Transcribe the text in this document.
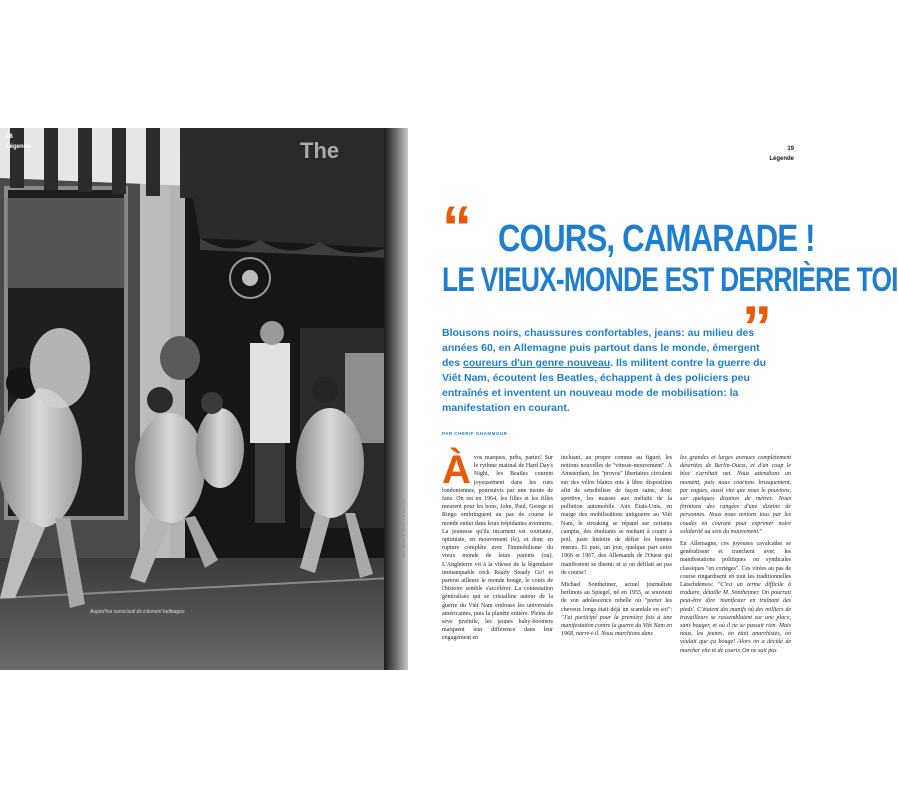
The
18
Légende
Aujard'hui sunscisoil ds iclemenl belfeagus
SEPTEMBER 2015 · LE MONDE
19
Légende
“ COURS, CAMARADE !
LE VIEUX-MONDE EST DERRIÈRE TOI
”
Blousons noirs, chaussures confortables, jeans: au milieu des années 60, en Allemagne puis partout dans le monde, émergent des coureurs d'un genre nouveau. Ils militent contre la guerre du Viêt Nam, écoutent les Beatles, échappent à des policiers peu entraînés et inventent un nouveau mode de mobilisation: la manifestation en courant.
PAR CHERIF GHAMMOUR

Àvos marques, prêts, partez! Sur le rythme matinal de Hard Day's Night, les Beatles courent joyeusement dans les rues londoniennes, poursuivis par une meute de fans. On est en 1964, les filles et les filles meurent pour les bons, John, Paul, George et Ringo embringuent au pas de course le monde entier dans leurs trépidantes aventures. La jeunesse qu'ils incarnent est souriante, optimiste, en mouvement (le), et donc en rupture complète avec l'immobilisme du vieux monde de leurs parents (ou). L'Angleterre vit à la vitesse de la légendaire immanquable rock Ready Steady Go! et partout ailleurs le monde bouge, le cours de l'histoire semble s'accélérer. La contestation généralisée qui se cristalline autour de la guerre du Viêt Nam embrase les universités américaines, puis la planète entière. Pleins de sève juvénile, les jeunes baby-boomers marquent leur différence dans leur engagement en

incluant, au propre comme au figuré, les notions nouvelles de "vitesse-mouvement". À Amsterdam, les "provos" libertaires circulent sur des vélos blancs mis à libre disposition afin de sensibiliser de façon saine, donc sportive, les masses aux méfaits de la pollution automobile. Aux États-Unis, en marge des mobilisations antiguerre au Viêt Nam, le streaking se répand sur certains campus, des étudiants se mettant à courir à poil, juste histoire de défier les bonnes mœurs. Et puis, un jour, quelque part entre 1966 et 1967, des Allemands de l'Ouest qui manifestent se disent: et si on défilait au pas de course?

Michael Sontheimer, actuel journaliste berlinois au Spiegel, né en 1955, se souvient de son adolescence rebelle où "porter les cheveux longs était déjà un scandale en soi": "J'ai participé pour la première fois à une manifestation contre la guerre du Viêt Nam en 1968, narre-t-il. Nous marchions dans

les grandes et larges avenues complètement désertées de Berlin-Ouest, et d'un coup le bloc s'arrêtait net. Nous attendions un moment, puis nous courions brusquement, par vagues, aussi vite que nous le pouvions, sur quelques dizaines de mètres. Nous formions des rangées d'une dizaine de personnes. Nous nous tenions tous par les coudes en courant pour exprimer notre solidarité au sein du mouvement."

En Allemagne, ces joyeuses cavalcades se généralisent et tranchent avec les manifestations politiques ou syndicales classiques "en cortèges". Ces virées au pas de course ringardisent en tout les traditionnelles Latschdemos: "C'est un terme difficile à traduire, détaille M. Sontheimer. On pourrait peut-être dire 'manifester en traînant des pieds'. C'étaient des manifs où des milliers de travailleurs se rassemblaient sur une place, sans bouger, et où il ne se passait rien. Mais nous, les jeunes, on était anarchistes, on voulait que ça bouge! Alors on a décidé de marcher vite et de courir. On ne sait pas
